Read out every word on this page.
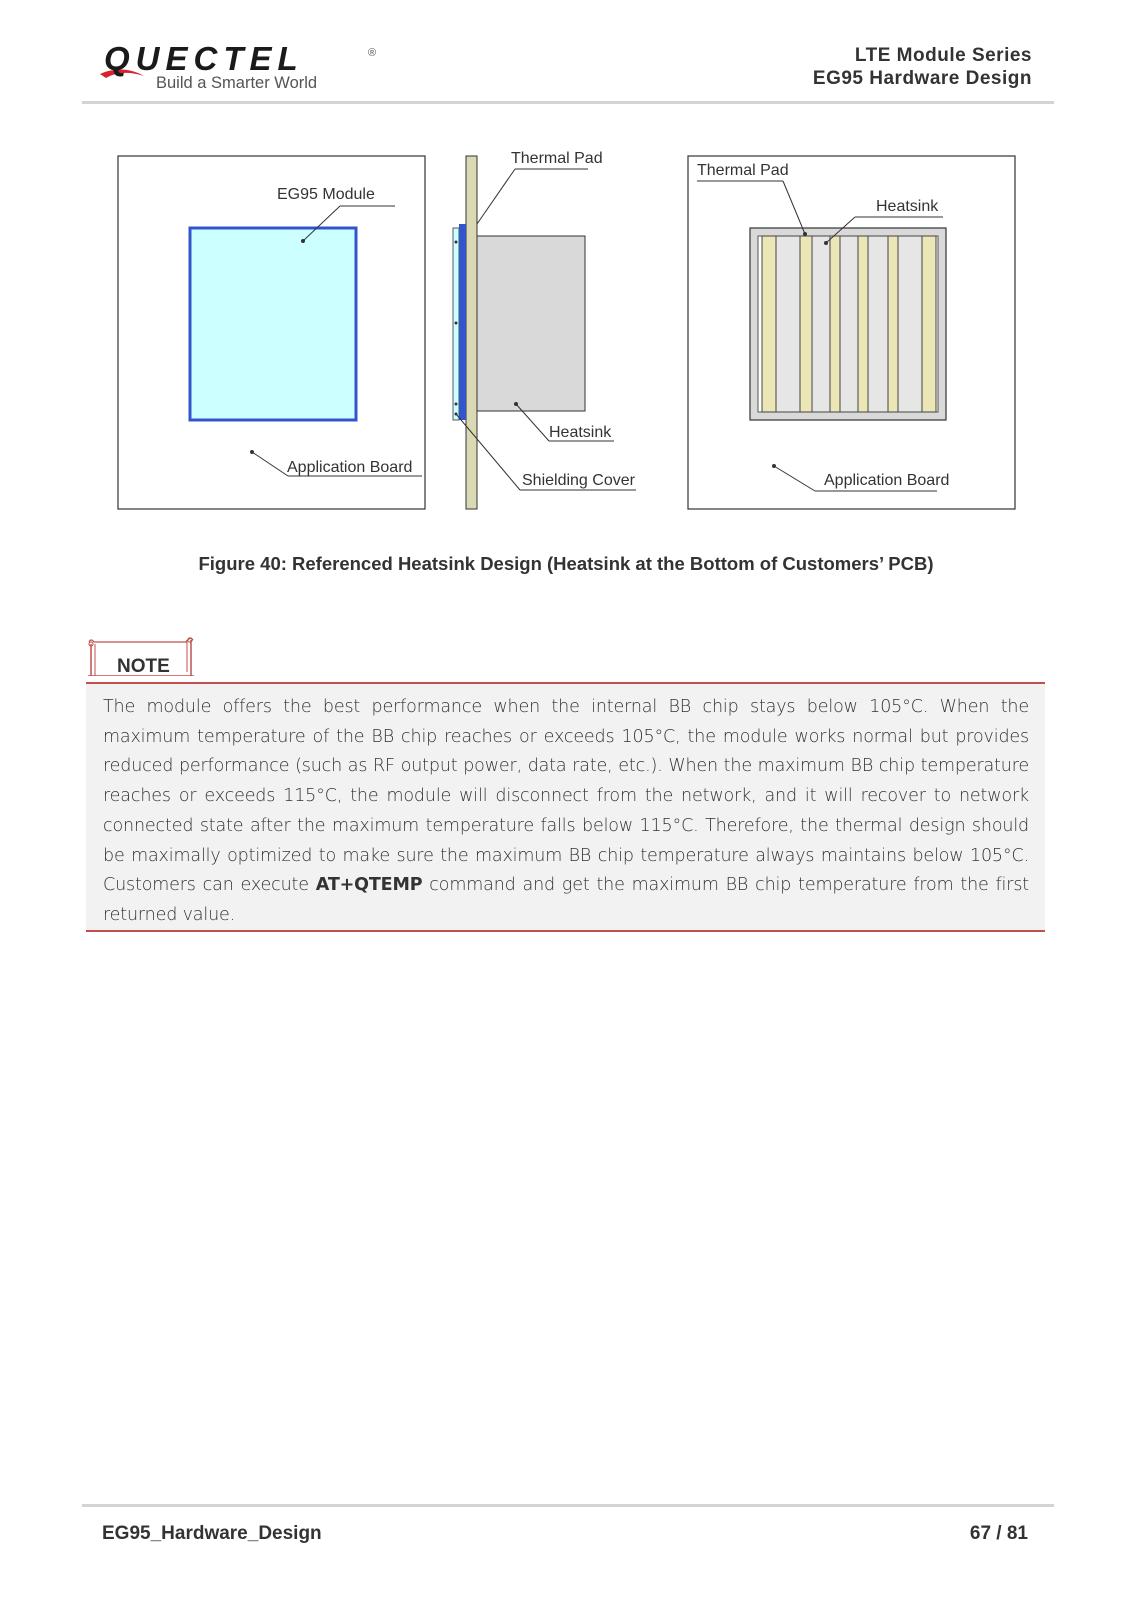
QUECTEL	®
Build a Smarter World
LTE Module Series
EG95 Hardware Design
EG95 Module
Application Board
Thermal Pad
Heatsink
Shielding Cover
Thermal Pad
Heatsink
Application Board
Figure 40: Referenced Heatsink Design (Heatsink at the Bottom of Customers’ PCB)
NOTE
The module offers the best performance when the internal BB chip stays below 105°C. When the maximum temperature of the BB chip reaches or exceeds 105°C, the module works normal but provides reduced performance (such as RF output power, data rate, etc.). When the maximum BB chip temperature reaches or exceeds 115°C, the module will disconnect from the network, and it will recover to network connected state after the maximum temperature falls below 115°C. Therefore, the thermal design should be maximally optimized to make sure the maximum BB chip temperature always maintains below 105°C. Customers can execute AT+QTEMP command and get the maximum BB chip temperature from the first returned value.
EG95_Hardware_Design	67 / 81
